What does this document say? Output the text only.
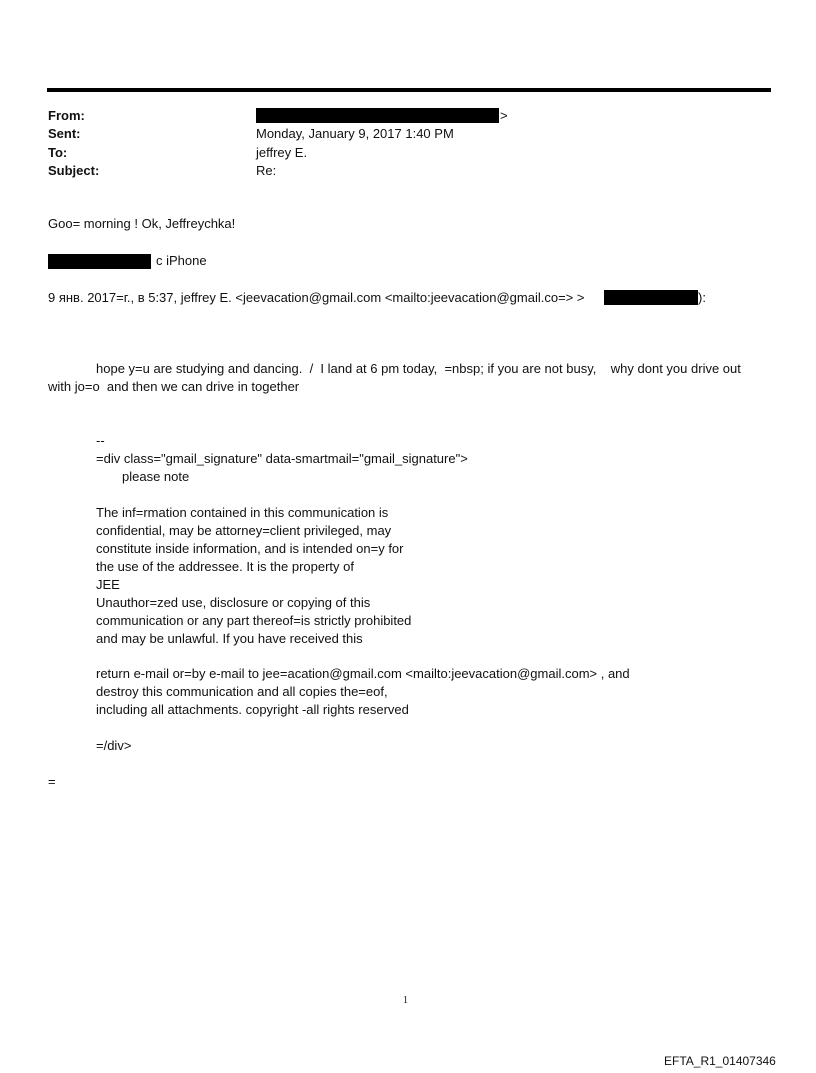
From:	>
Sent:	Monday, January 9, 2017 1:40 PM
To:	jeffrey E.
Subject:	Re:
Goo= morning ! Ok, Jeffreychka!
c iPhone
9 янв. 2017=г., в 5:37, jeffrey E. <jeevacation@gmail.com <mailto:jeevacation@gmail.co=> >	):
hope y=u are studying and dancing.  /  I land at 6 pm today,  =nbsp; if you are not busy,    why dont you drive out
with jo=o  and then we can drive in together
--
=div class="gmail_signature" data-smartmail="gmail_signature">
please note
The inf=rmation contained in this communication is
confidential, may be attorney=client privileged, may
constitute inside information, and is intended on=y for
the use of the addressee. It is the property of
JEE
Unauthor=zed use, disclosure or copying of this
communication or any part thereof=is strictly prohibited
and may be unlawful. If you have received this
return e-mail or=by e-mail to jee=acation@gmail.com <mailto:jeevacation@gmail.com> , and
destroy this communication and all copies the=eof,
including all attachments. copyright -all rights reserved
=/div>
=
1
EFTA_R1_01407346
